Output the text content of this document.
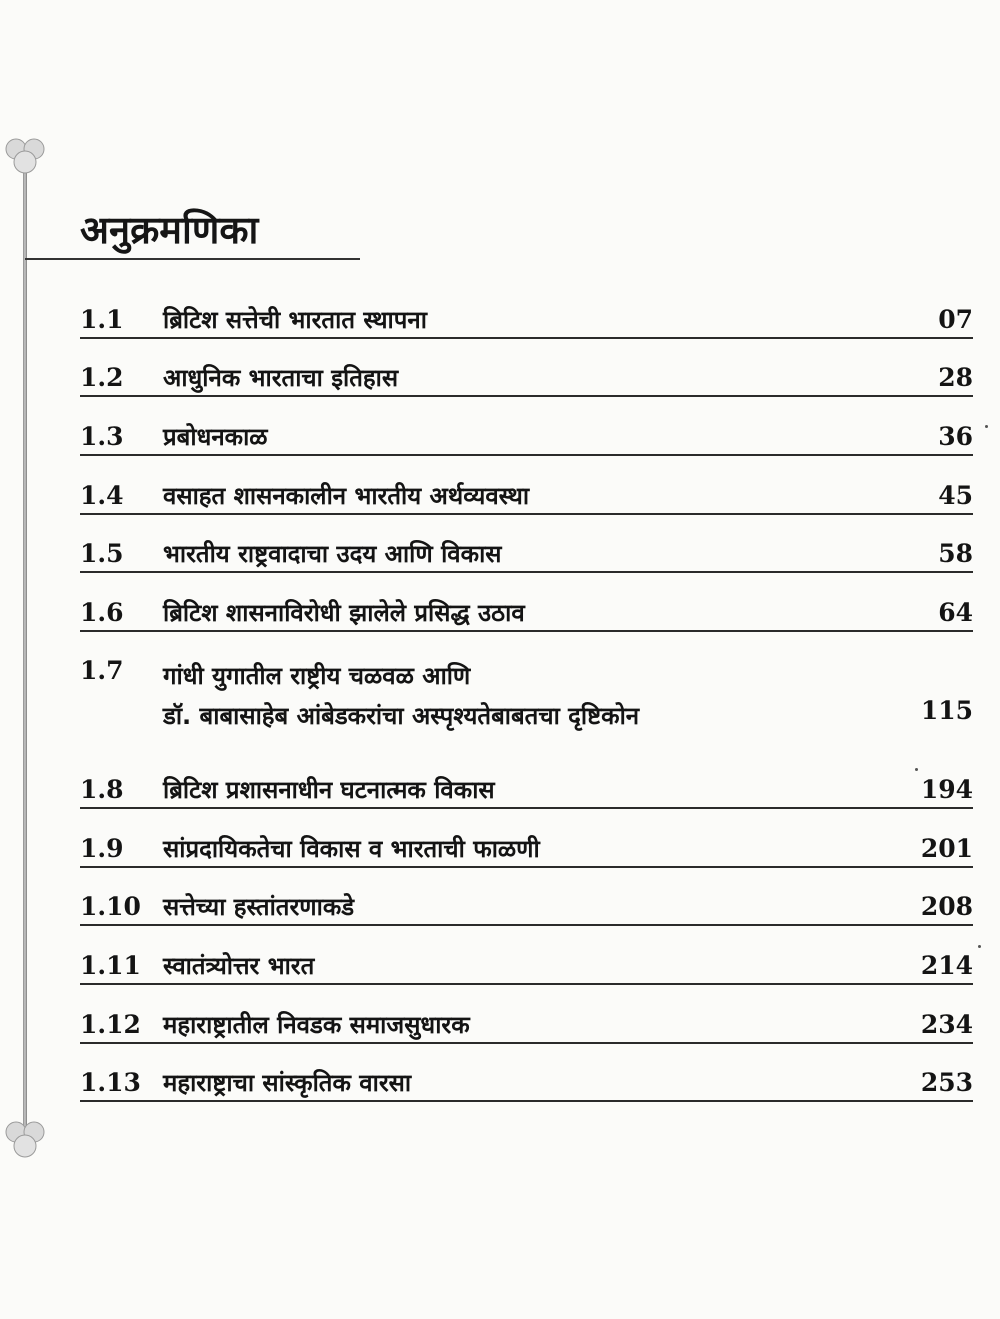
अनुक्रमणिका
1.1	ब्रिटिश सत्तेची भारतात स्थापना	07
1.2	आधुनिक भारताचा इतिहास	28
1.3	प्रबोधनकाळ	36
1.4	वसाहत शासनकालीन भारतीय अर्थव्यवस्था	45
1.5	भारतीय राष्ट्रवादाचा उदय आणि विकास	58
1.6	ब्रिटिश शासनाविरोधी झालेले प्रसिद्ध उठाव	64
1.7	गांधी युगातील राष्ट्रीय चळवळ आणि
डॉ. बाबासाहेब आंबेडकरांचा अस्पृश्यतेबाबतचा दृष्टिकोन	115
1.8	ब्रिटिश प्रशासनाधीन घटनात्मक विकास	194
1.9	सांप्रदायिकतेचा विकास व भारताची फाळणी	201
1.10 सत्तेच्या हस्तांतरणाकडे	208
1.11 स्वातंत्र्योत्तर भारत	214
1.12 महाराष्ट्रातील निवडक समाजसुधारक	234
1.13 महाराष्ट्राचा सांस्कृतिक वारसा	253
